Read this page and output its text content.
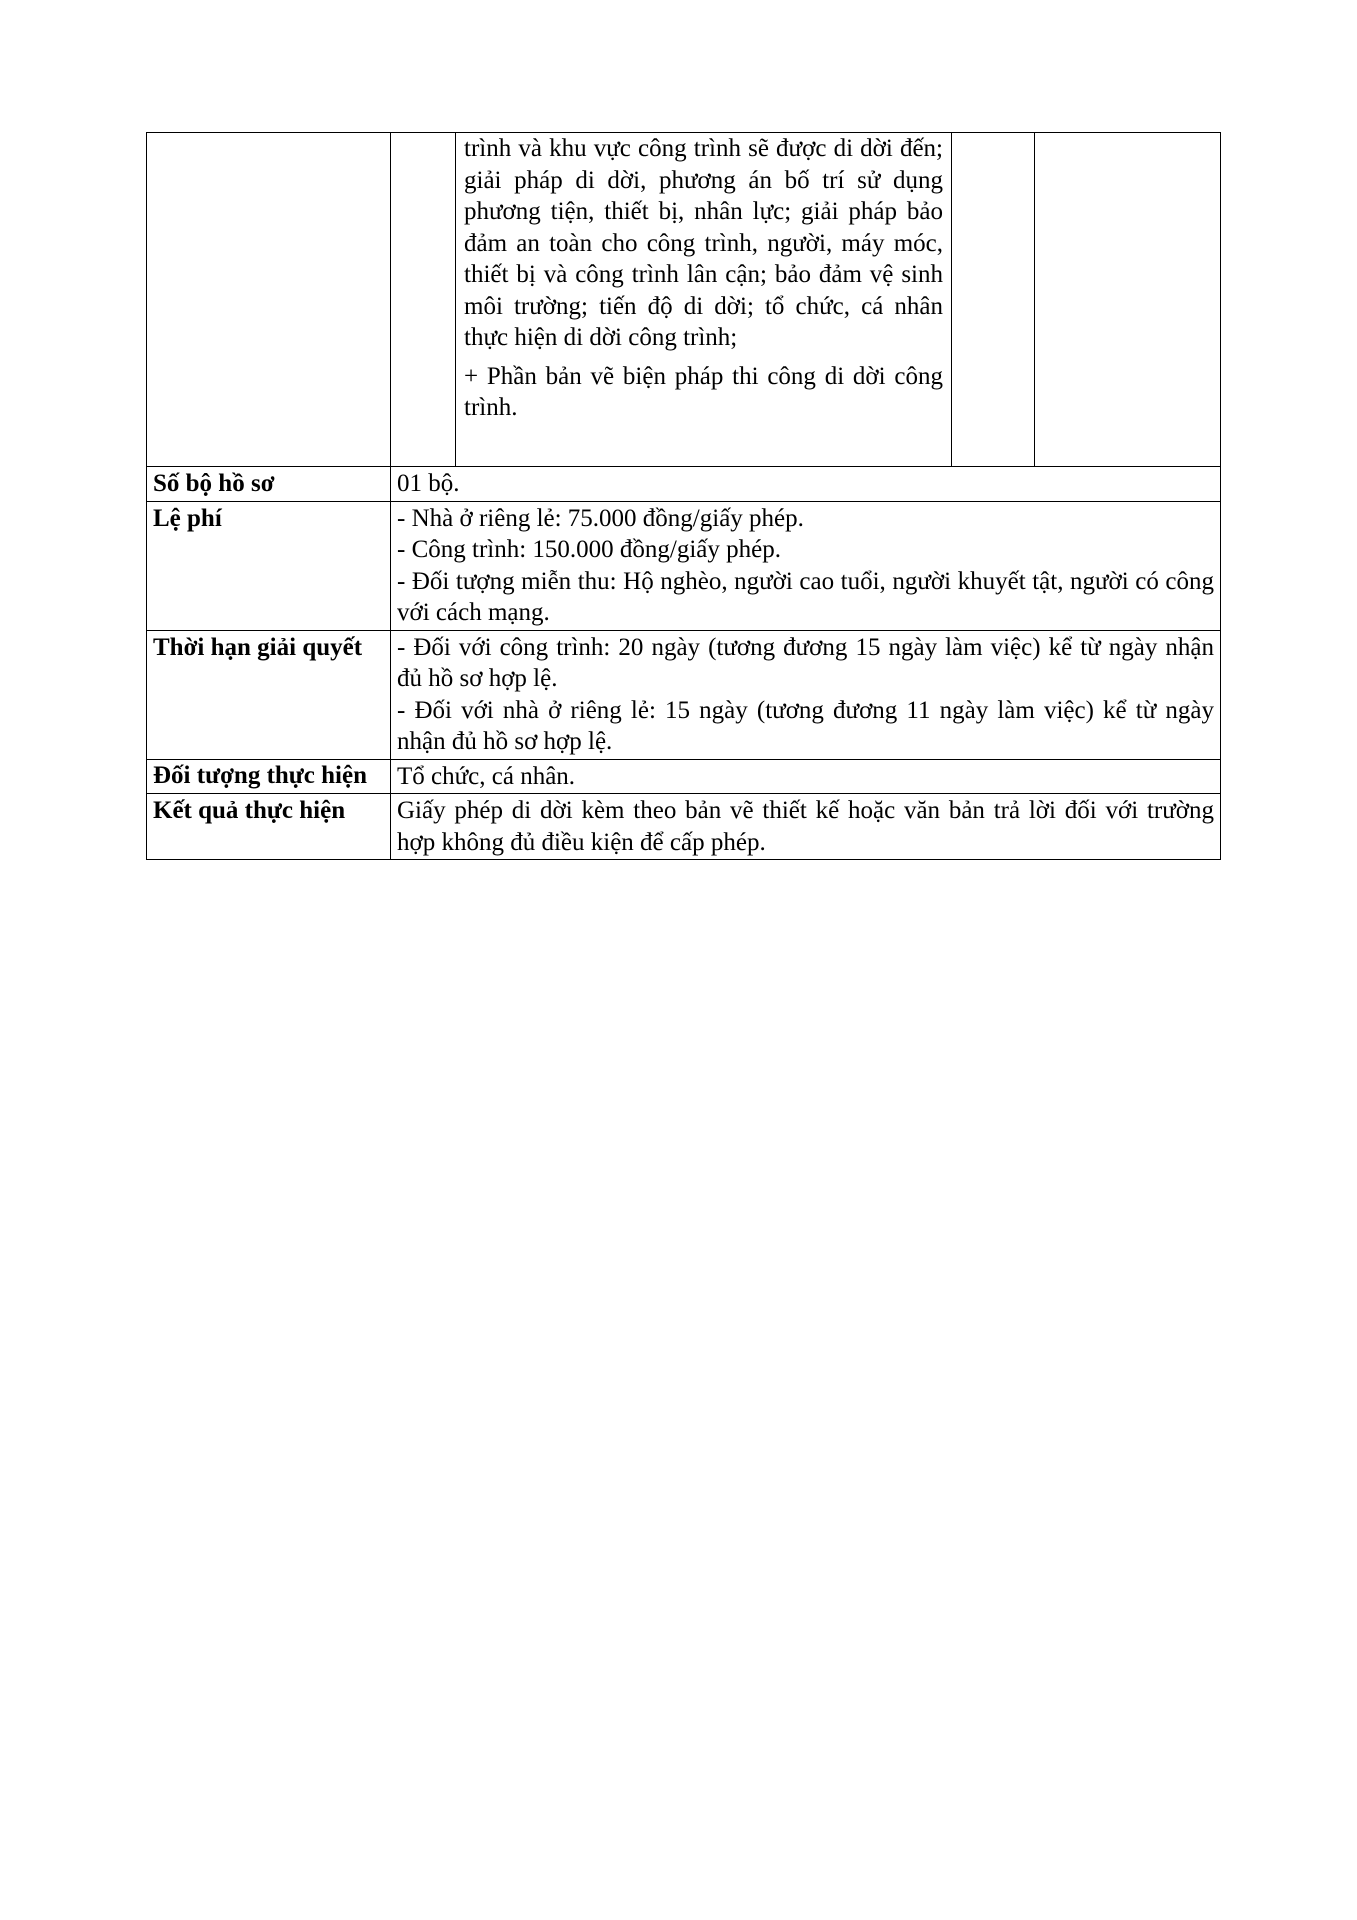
		trình và khu vực công trình sẽ được di dời đến; giải pháp di dời, phương án bố trí sử dụng phương tiện, thiết bị, nhân lực; giải pháp bảo đảm an toàn cho công trình, người, máy móc, thiết bị và công trình lân cận; bảo đảm vệ sinh môi trường; tiến độ di dời; tổ chức, cá nhân thực hiện di dời công trình;
+ Phần bản vẽ biện pháp thi công di dời công trình.		

Số bộ hồ sơ	01 bộ.			
Lệ phí	- Nhà ở riêng lẻ: 75.000 đồng/giấy phép.
- Công trình: 150.000 đồng/giấy phép.
- Đối tượng miễn thu: Hộ nghèo, người cao tuổi, người khuyết tật, người có công với cách mạng.			

Thời hạn giải quyết	- Đối với công trình: 20 ngày (tương đương 15 ngày làm việc) kể từ ngày nhận đủ hồ sơ hợp lệ.
- Đối với nhà ở riêng lẻ: 15 ngày (tương đương 11 ngày làm việc) kể từ ngày nhận đủ hồ sơ hợp lệ.			

Đối tượng thực hiện	Tổ chức, cá nhân.			
Kết quả thực hiện	Giấy phép di dời kèm theo bản vẽ thiết kế hoặc văn bản trả lời đối với trường hợp không đủ điều kiện để cấp phép.			
